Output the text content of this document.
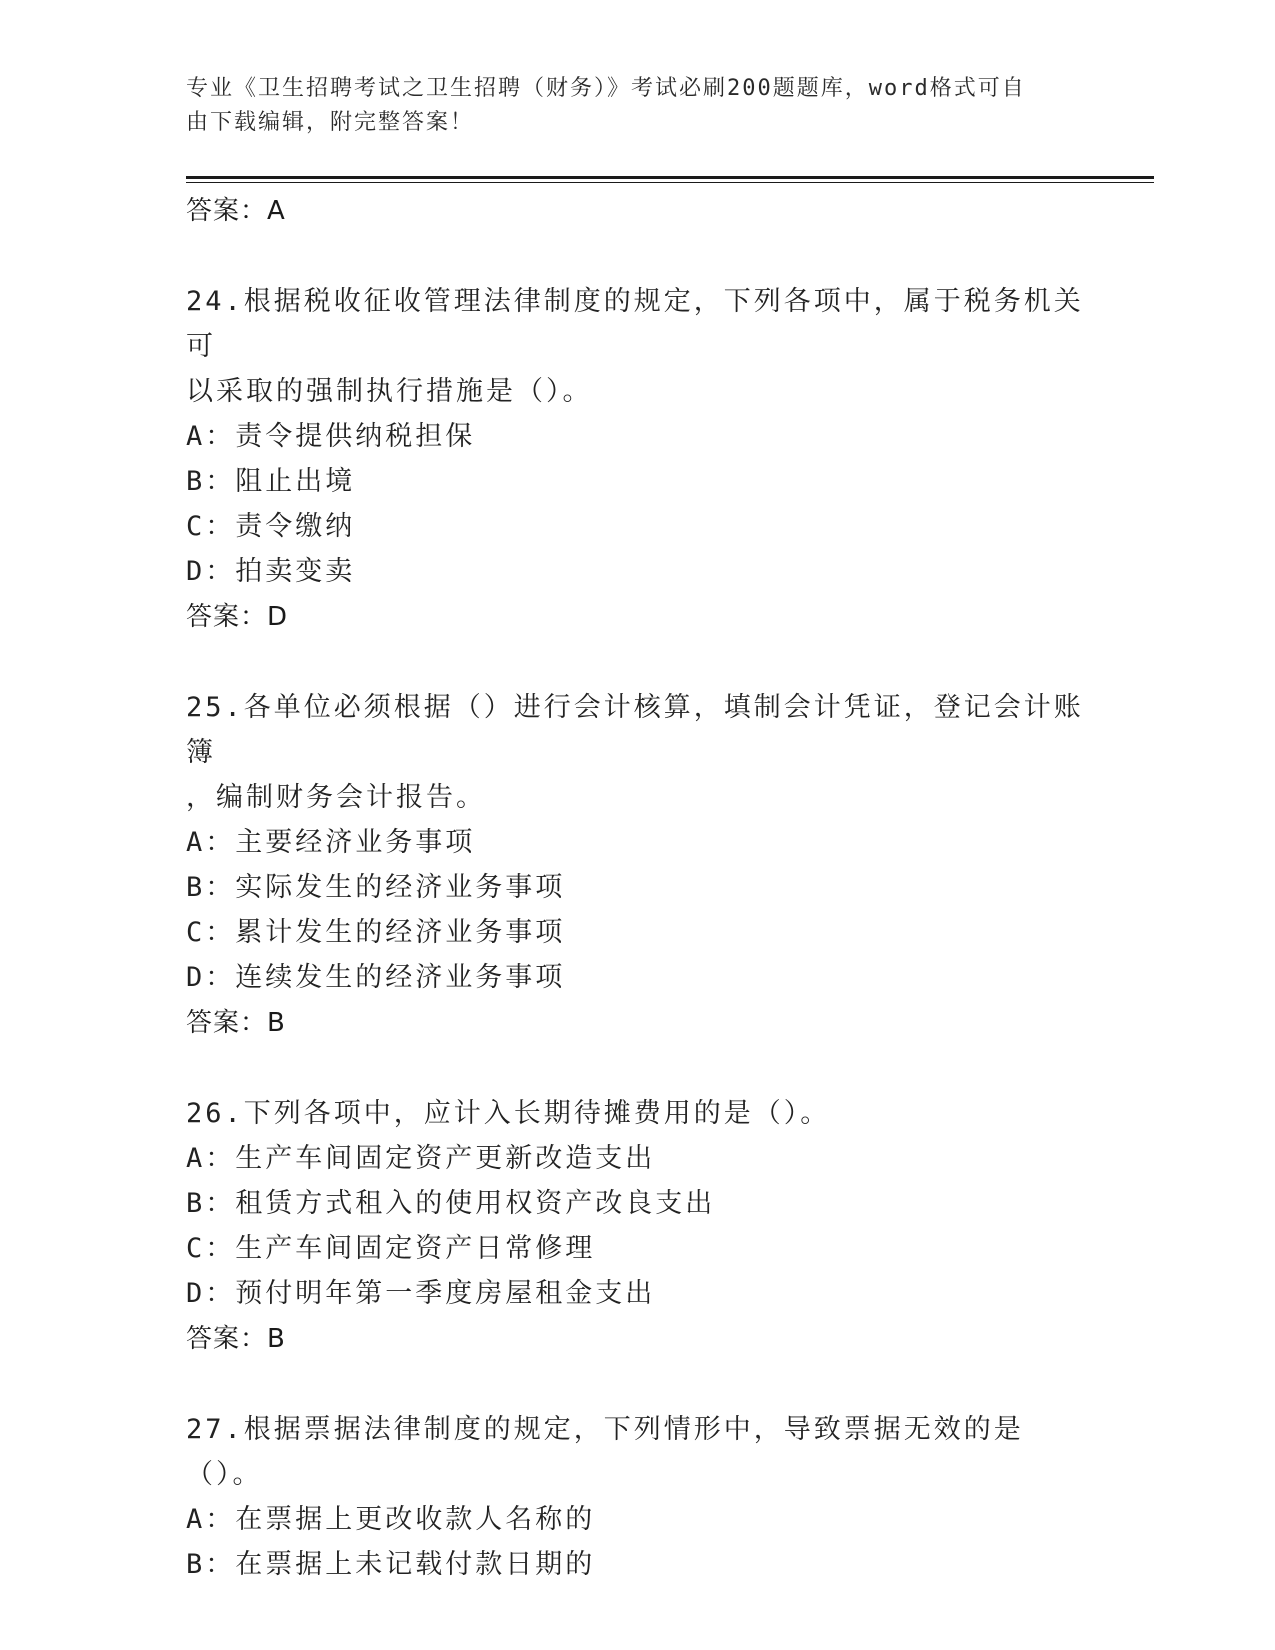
专业《卫生招聘考试之卫生招聘（财务）》考试必刷200题题库，word格式可自
由下载编辑，附完整答案！
答案：A
24.根据税收征收管理法律制度的规定，下列各项中，属于税务机关可
以采取的强制执行措施是（）。
A：责令提供纳税担保
B：阻止出境
C：责令缴纳
D：拍卖变卖
答案：D
25.各单位必须根据（）进行会计核算，填制会计凭证，登记会计账簿
，编制财务会计报告。
A：主要经济业务事项
B：实际发生的经济业务事项
C：累计发生的经济业务事项
D：连续发生的经济业务事项
答案：B
26.下列各项中，应计入长期待摊费用的是（）。
A：生产车间固定资产更新改造支出
B：租赁方式租入的使用权资产改良支出
C：生产车间固定资产日常修理
D：预付明年第一季度房屋租金支出
答案：B
27.根据票据法律制度的规定，下列情形中，导致票据无效的是（）。
A：在票据上更改收款人名称的
B：在票据上未记载付款日期的
